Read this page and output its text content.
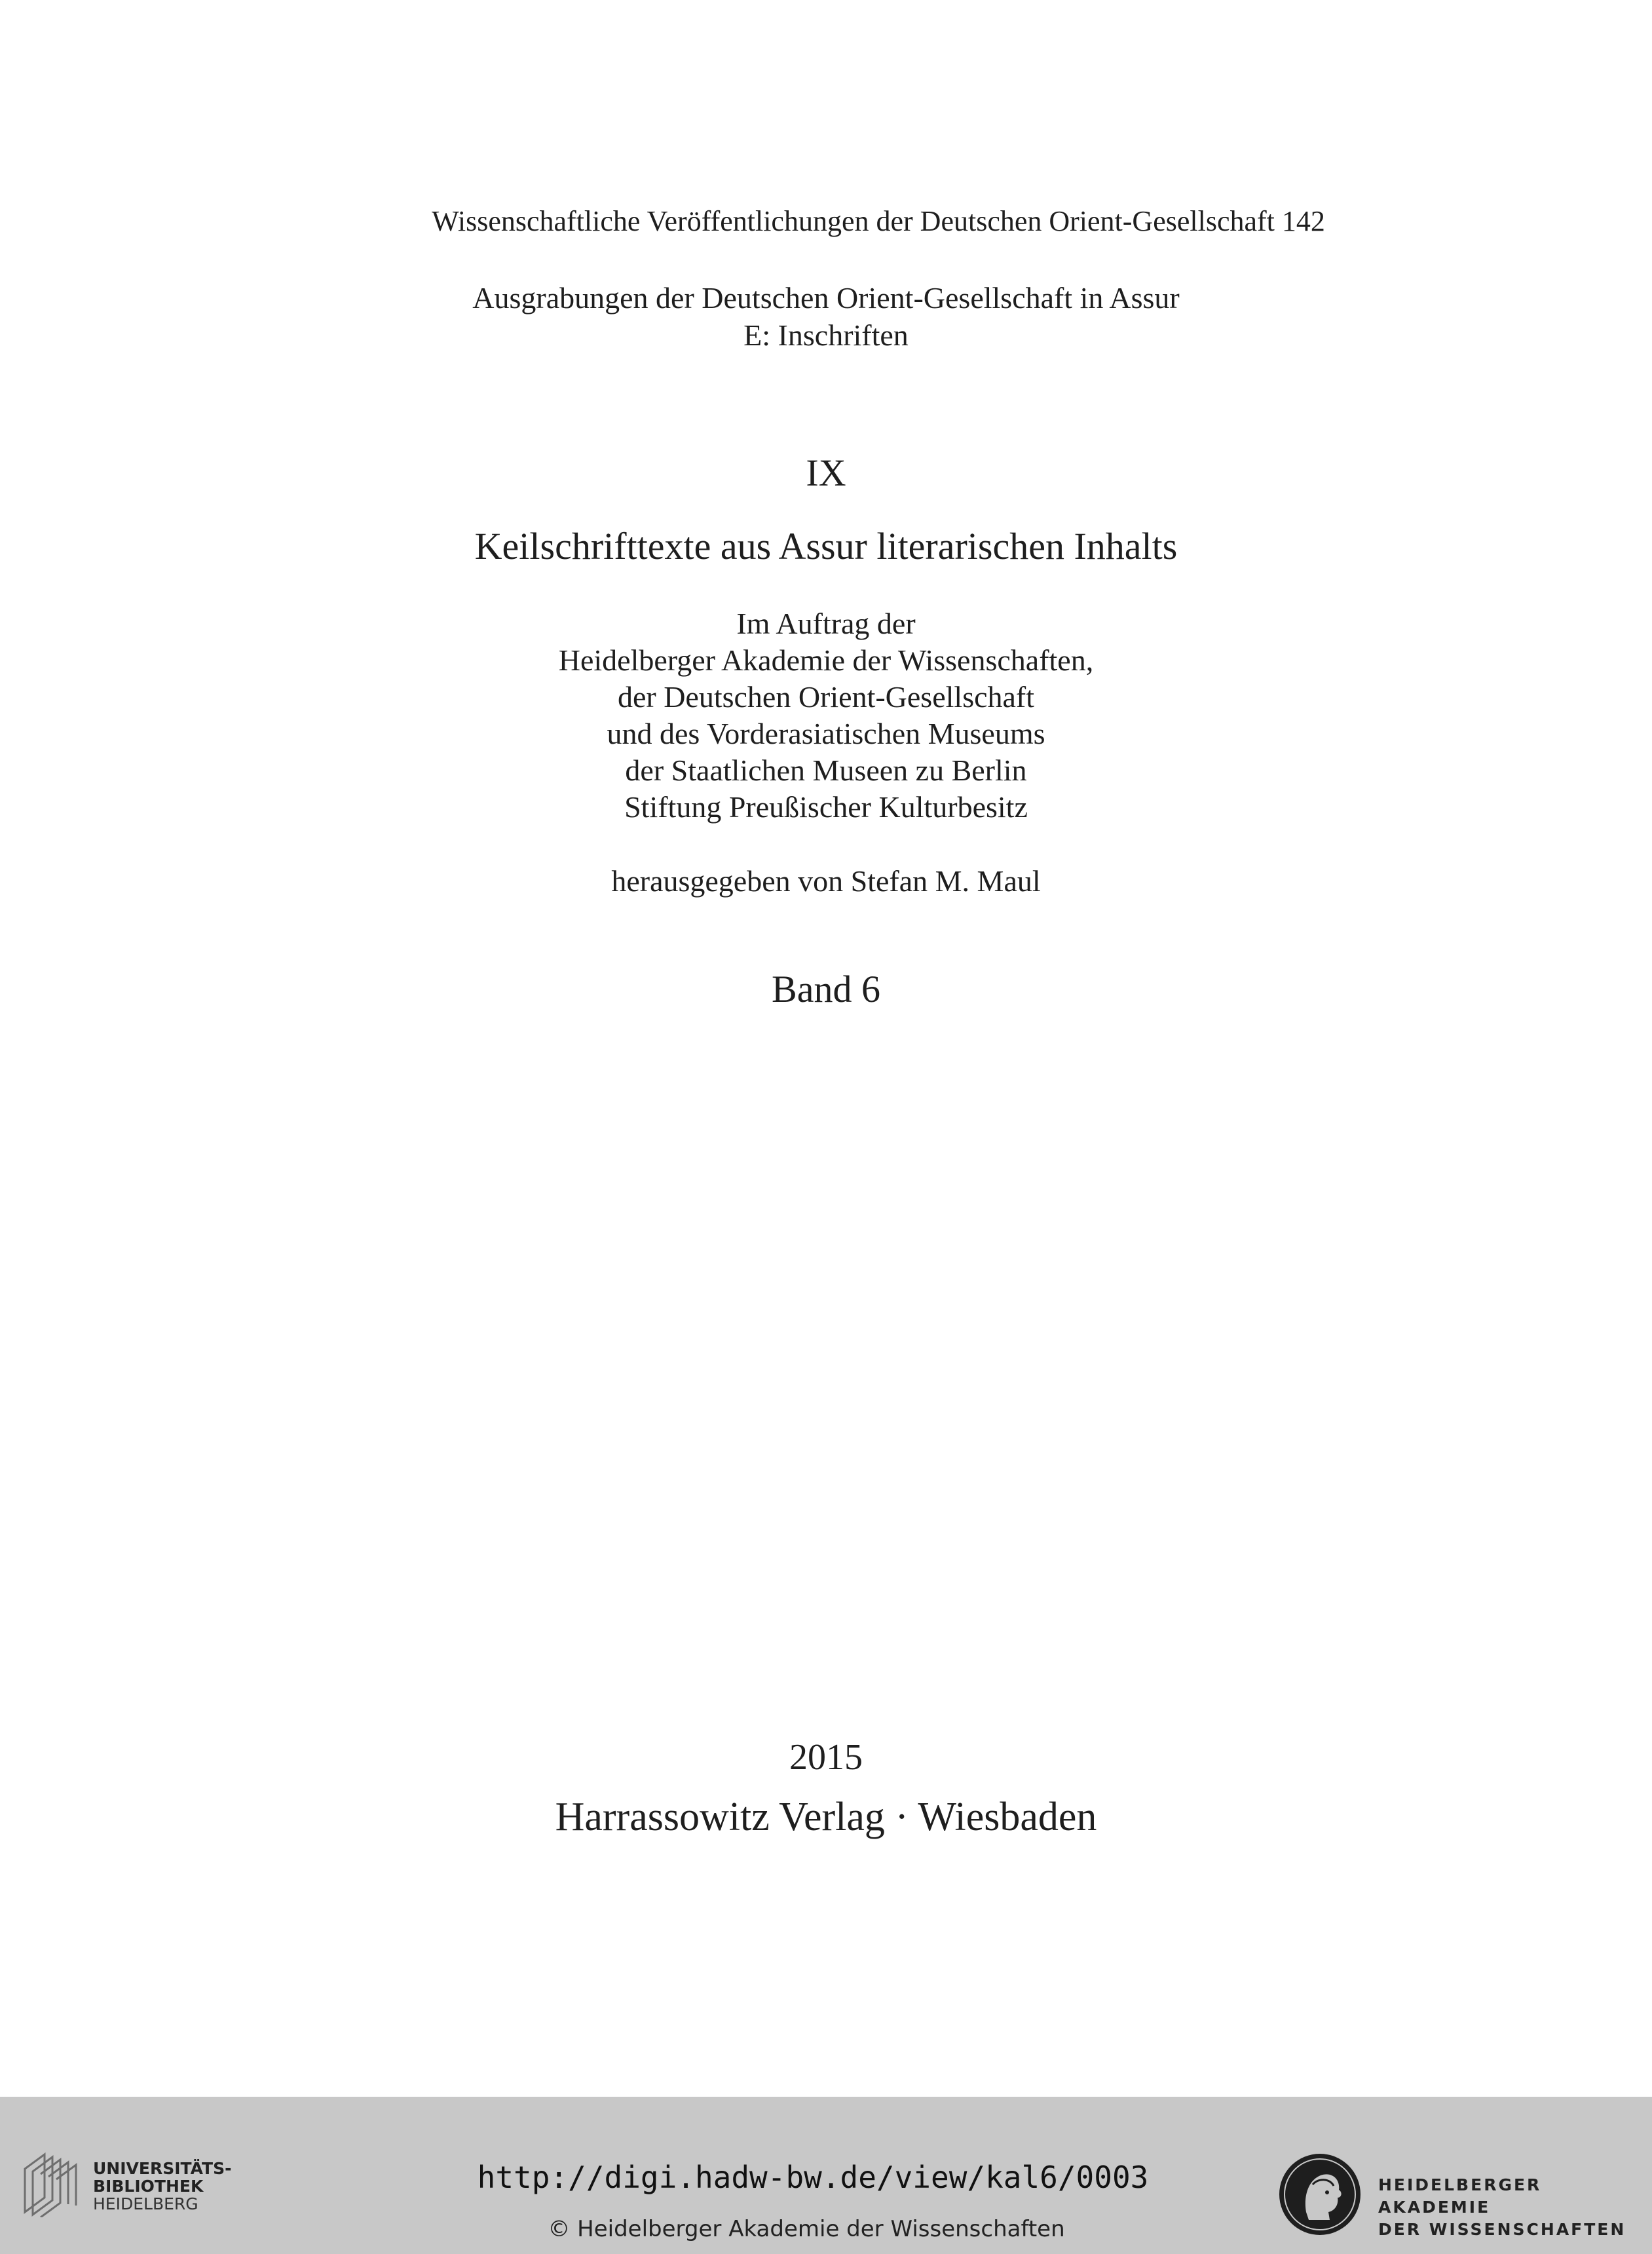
Wissenschaftliche Veröffentlichungen der Deutschen Orient-Gesellschaft 142
Ausgrabungen der Deutschen Orient-Gesellschaft in Assur
E: Inschriften
IX
Keilschrifttexte aus Assur literarischen Inhalts
Im Auftrag der
Heidelberger Akademie der Wissenschaften,
der Deutschen Orient-Gesellschaft
und des Vorderasiatischen Museums
der Staatlichen Museen zu Berlin
Stiftung Preußischer Kulturbesitz
herausgegeben von Stefan M. Maul
Band 6
2015
Harrassowitz Verlag · Wiesbaden
UNIVERSITÄTS-
BIBLIOTHEK
HEIDELBERG
http://digi.hadw-bw.de/view/kal6/0003
© Heidelberger Akademie der Wissenschaften
HEIDELBERGER AKADEMIE
DER WISSENSCHAFTEN
